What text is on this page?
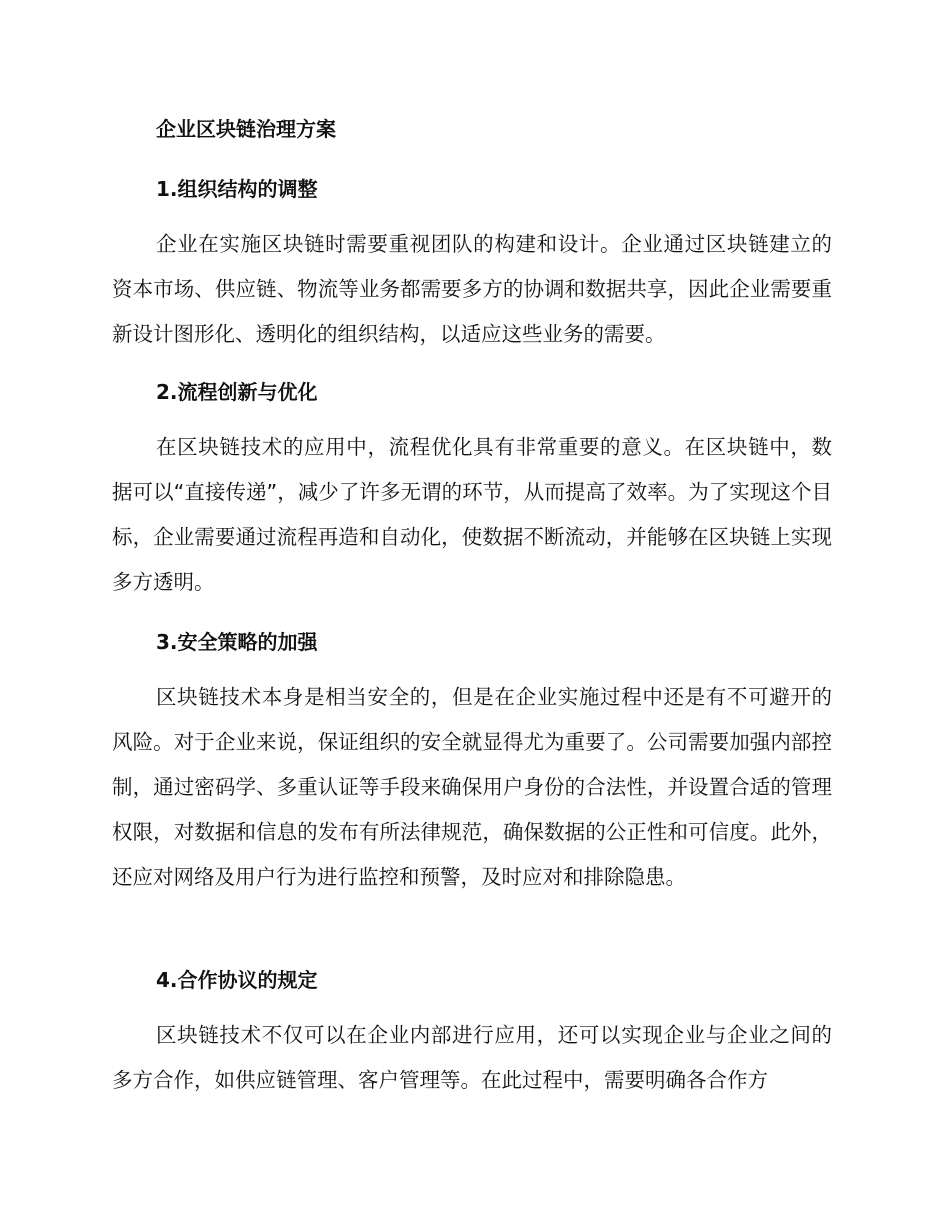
企业区块链治理方案
1.组织结构的调整
企业在实施区块链时需要重视团队的构建和设计。企业通过区块链建立的资本市场、供应链、物流等业务都需要多方的协调和数据共享，因此企业需要重新设计图形化、透明化的组织结构，以适应这些业务的需要。
2.流程创新与优化
在区块链技术的应用中，流程优化具有非常重要的意义。在区块链中，数据可以“直接传递”，减少了许多无谓的环节，从而提高了效率。为了实现这个目标，企业需要通过流程再造和自动化，使数据不断流动，并能够在区块链上实现多方透明。
3.安全策略的加强
区块链技术本身是相当安全的，但是在企业实施过程中还是有不可避开的风险。对于企业来说，保证组织的安全就显得尤为重要了。公司需要加强内部控制，通过密码学、多重认证等手段来确保用户身份的合法性，并设置合适的管理权限，对数据和信息的发布有所法律规范，确保数据的公正性和可信度。此外，还应对网络及用户行为进行监控和预警，及时应对和排除隐患。
4.合作协议的规定
区块链技术不仅可以在企业内部进行应用，还可以实现企业与企业之间的多方合作，如供应链管理、客户管理等。在此过程中，需要明确各合作方
